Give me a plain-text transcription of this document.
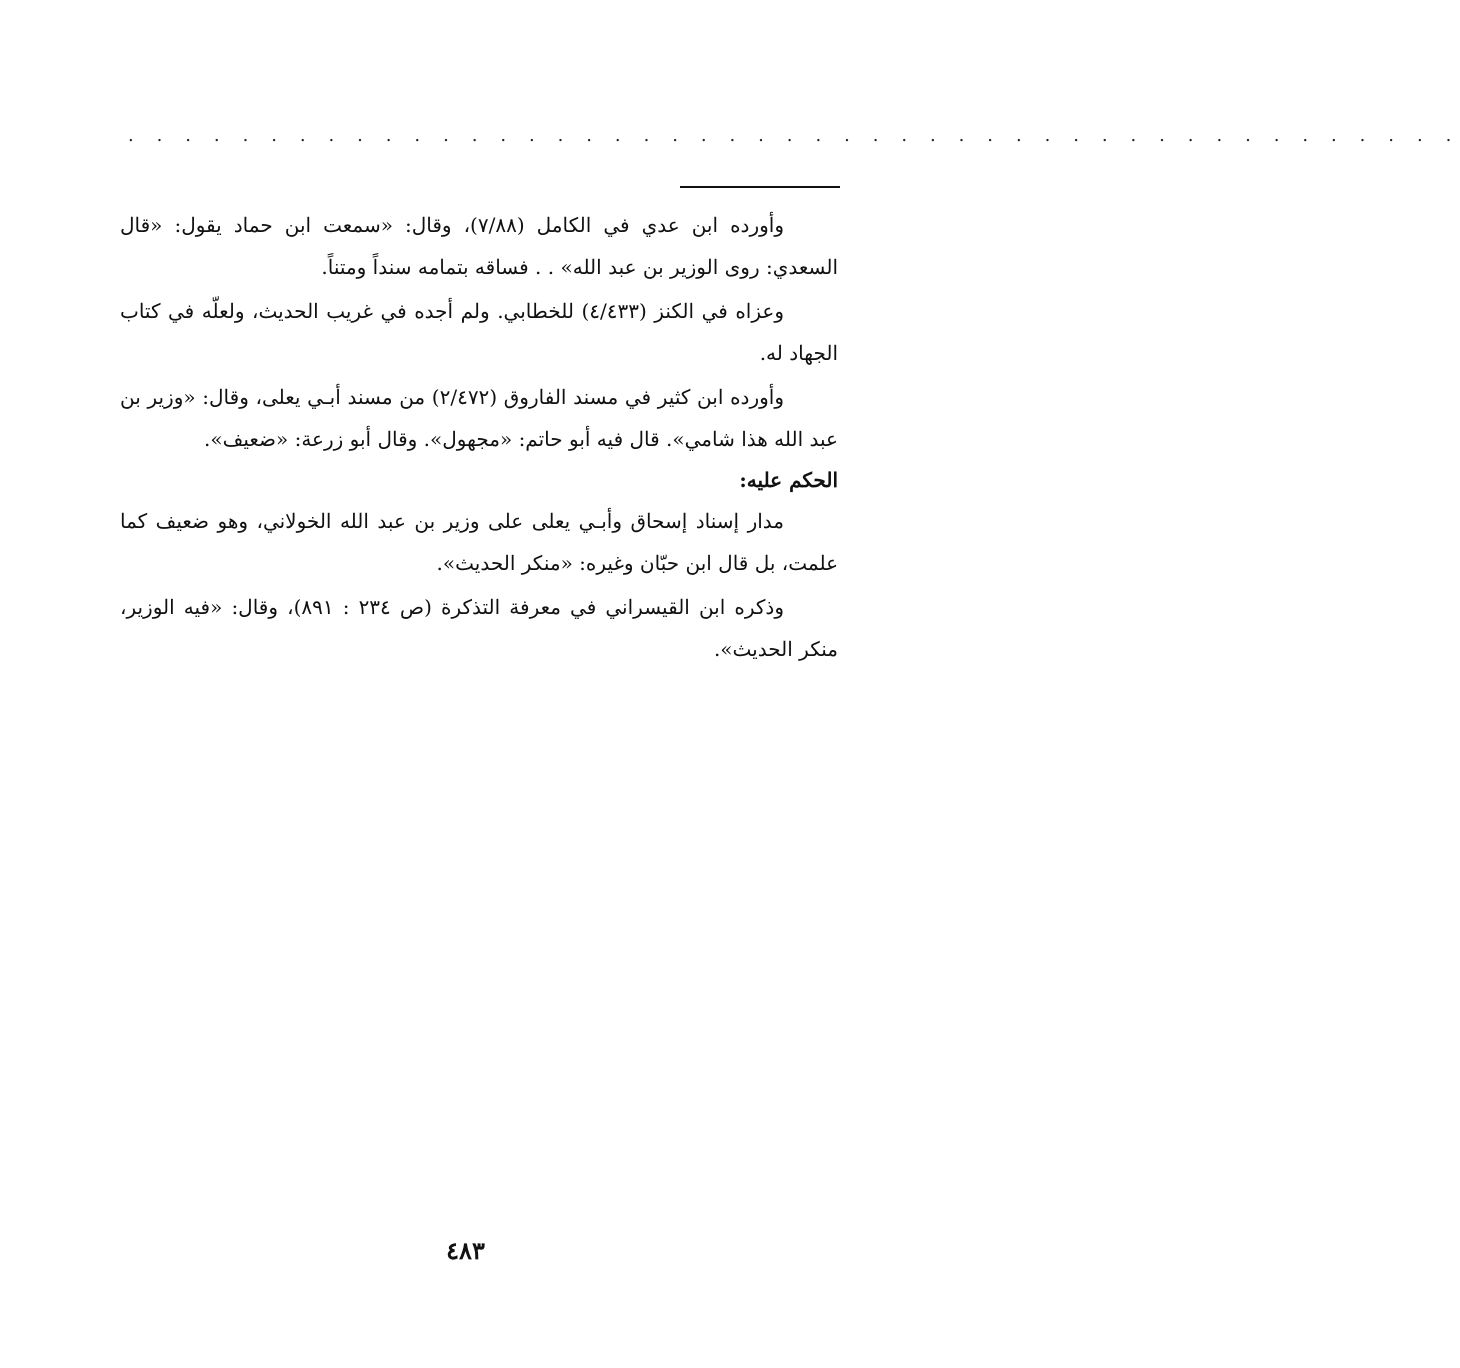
. . . . . . . . . . . . . . . . . . . . . . . . . . . . . . . . . . . . . . . . . . . . . . .

وأورده ابن عدي في الكامل (٧/٨٨)، وقال: «سمعت ابن حماد يقول: «قال السعدي: روى الوزير بن عبد الله» . . فساقه بتمامه سنداً ومتناً.

وعزاه في الكنز (٤/٤٣٣) للخطابي. ولم أجده في غريب الحديث، ولعلّه في كتاب الجهاد له.

وأورده ابن كثير في مسند الفاروق (٢/٤٧٢) من مسند أبـي يعلى، وقال: «وزير بن عبد الله هذا شامي». قال فيه أبو حاتم: «مجهول». وقال أبو زرعة: «ضعيف».

الحكم عليه:

مدار إسناد إسحاق وأبـي يعلى على وزير بن عبد الله الخولاني، وهو ضعيف كما علمت، بل قال ابن حبّان وغيره: «منكر الحديث».

وذكره ابن القيسراني في معرفة التذكرة (ص ٢٣٤ : ٨٩١)، وقال: «فيه الوزير، منكر الحديث».

٤٨٣
